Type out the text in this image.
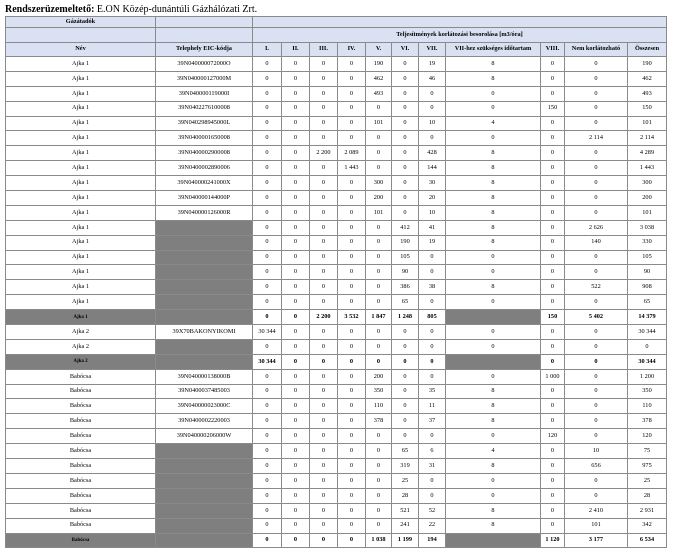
Rendszerüzemeltető: E.ON Közép-dunántúli Gázhálózati Zrt.
Gázátadók												
		Teljesítmények korlátozási besorolása [m3/óra]										
Név	Telephely EIC-kódja	I.	II.	III.	IV.	V.	VI.	VII.	VII-hez szükséges időtartam	VIII.	Nem korlátozható	Összesen
Ajka 1	39N040000072000O	0	0	0	0	190	0	19	8	0	0	190
Ajka 1	39N040000127000M	0	0	0	0	462	0	46	8	0	0	462
Ajka 1	39N040000119000I	0	0	0	0	493	0	0	0	0	0	493
Ajka 1	39N0402276100008	0	0	0	0	0	0	0	0	150	0	150
Ajka 1	39N040298945000L	0	0	0	0	101	0	10	4	0	0	101
Ajka 1	39N0400001650008	0	0	0	0	0	0	0	0	0	2 114	2 114
Ajka 1	39N0400002900008	0	0	2 200	2 089	0	0	428	8	0	0	4 289
Ajka 1	39N0400002890006	0	0	0	1 443	0	0	144	8	0	0	1 443
Ajka 1	39N040000241000X	0	0	0	0	300	0	30	8	0	0	300
Ajka 1	39N040000144000P	0	0	0	0	200	0	20	8	0	0	200
Ajka 1	39N040000126000R	0	0	0	0	101	0	10	8	0	0	101
Ajka 1		0	0	0	0	0	412	41	8	0	2 626	3 038
Ajka 1		0	0	0	0	0	190	19	8	0	140	330
Ajka 1		0	0	0	0	0	105	0	0	0	0	105
Ajka 1		0	0	0	0	0	90	0	0	0	0	90
Ajka 1		0	0	0	0	0	386	38	8	0	522	908
Ajka 1		0	0	0	0	0	65	0	0	0	0	65
Ajka 1		0	0	2 200	3 532	1 847	1 248	805		150	5 402	14 379
Ajka 2	39X70BAKONYIKOMI	30 344	0	0	0	0	0	0	0	0	0	30 344
Ajka 2		0	0	0	0	0	0	0	0	0	0	0
Ajka 2		30 344	0	0	0	0	0	0		0	0	30 344
Babócsa	39N040000138000B	0	0	0	0	200	0	0	0	1 000	0	1 200
Babócsa	39N0400037485003	0	0	0	0	350	0	35	8	0	0	350
Babócsa	39N040000023000C	0	0	0	0	110	0	11	8	0	0	110
Babócsa	39N0400002220003	0	0	0	0	378	0	37	8	0	0	378
Babócsa	39N040000206000W	0	0	0	0	0	0	0	0	120	0	120
Babócsa		0	0	0	0	0	65	6	4	0	10	75
Babócsa		0	0	0	0	0	319	31	8	0	656	975
Babócsa		0	0	0	0	0	25	0	0	0	0	25
Babócsa		0	0	0	0	0	28	0	0	0	0	28
Babócsa		0	0	0	0	0	521	52	8	0	2 410	2 931
Babócsa		0	0	0	0	0	241	22	8	0	101	342
Babócsa		0	0	0	0	1 038	1 199	194		1 120	3 177	6 534
